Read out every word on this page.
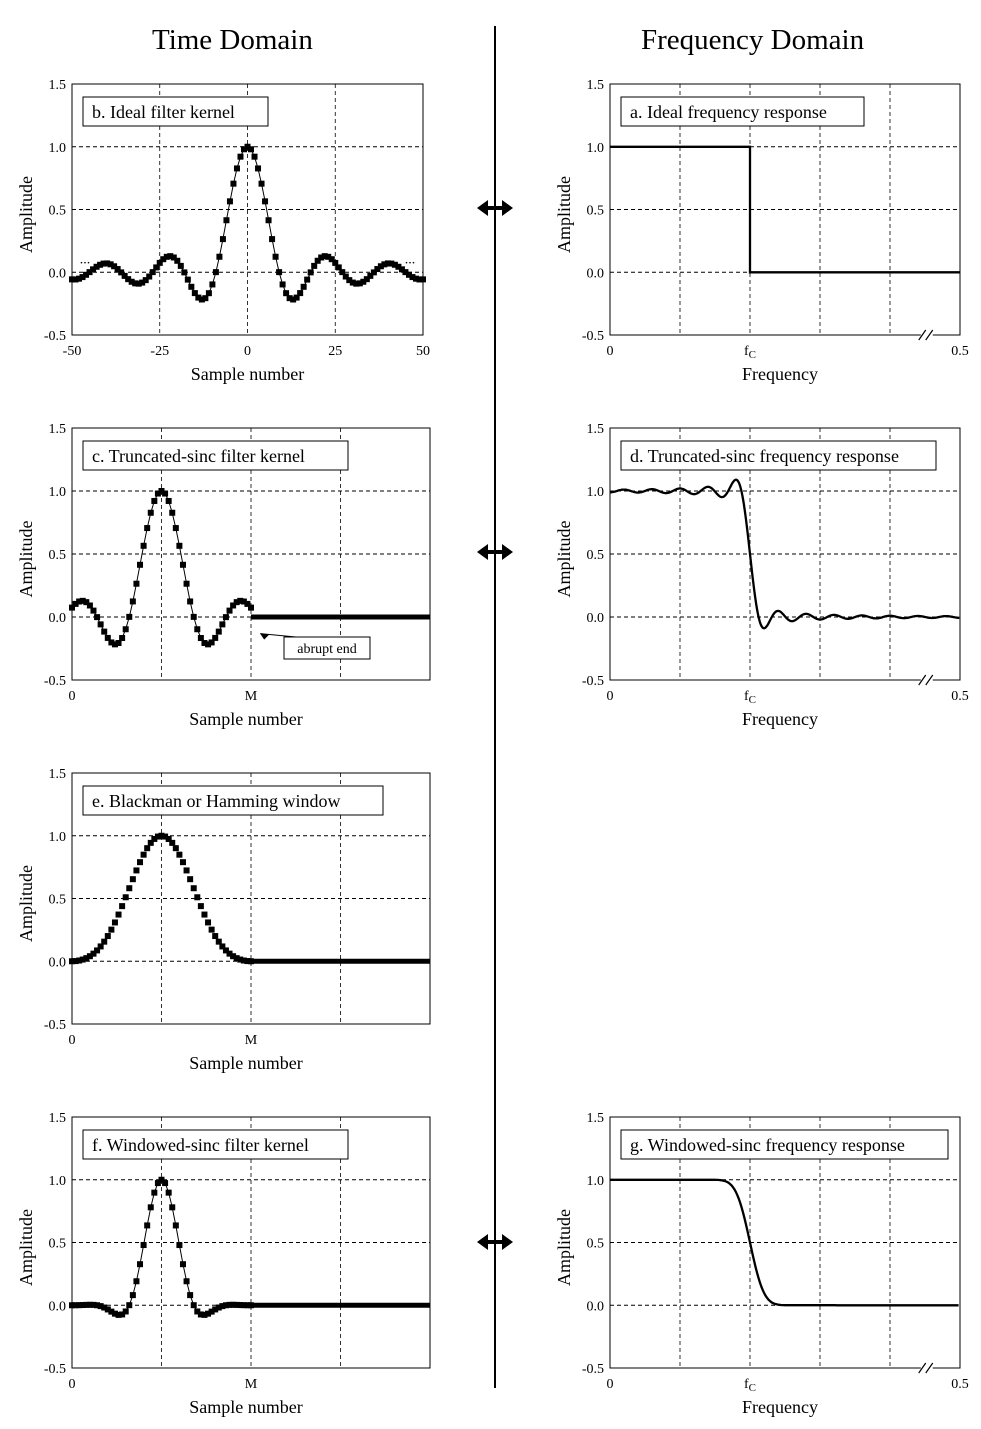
Time Domain	Frequency Domain
-0.5
0.0
0.5
1.0
1.5
-50	-25	0	25	50
Sample number
Amplitude
...	...
b. Ideal filter kernel
-0.5
0.0
0.5
1.0
1.5
0	$f_C$	0.5
Frequency
Amplitude
a. Ideal frequency response
-0.5
0.0
0.5
1.0
1.5
0	M
Sample number
Amplitude
abrupt end
c. Truncated-sinc filter kernel
-0.5
0.0
0.5
1.0
1.5
0	$f_C$	0.5
Frequency
Amplitude
d. Truncated-sinc frequency response
-0.5
0.0
0.5
1.0
1.5
0	M
Sample number
Amplitude
e. Blackman or Hamming window
-0.5
0.0
0.5
1.0
1.5
0	M
Sample number
Amplitude
f. Windowed-sinc filter kernel
-0.5
0.0
0.5
1.0
1.5
0	$f_C$	0.5
Frequency
Amplitude
g. Windowed-sinc frequency response
